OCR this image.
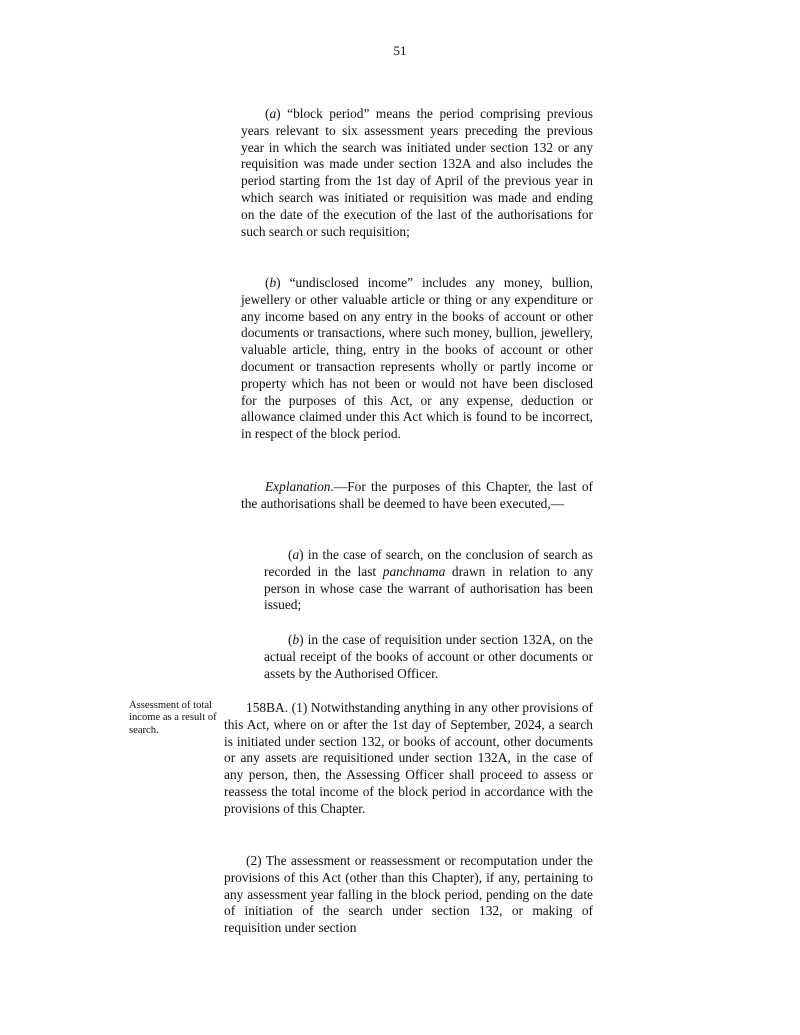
51

(a) “block period” means the period comprising previous years relevant to six assessment years preceding the previous year in which the search was initiated under section 132 or any requisition was made under section 132A and also includes the period starting from the 1st day of April of the previous year in which search was initiated or requisition was made and ending on the date of the execution of the last of the authorisations for such search or such requisition;

(b) “undisclosed income” includes any money, bullion, jewellery or other valuable article or thing or any expenditure or any income based on any entry in the books of account or other documents or transactions, where such money, bullion, jewellery, valuable article, thing, entry in the books of account or other document or transaction represents wholly or partly income or property which has not been or would not have been disclosed for the purposes of this Act, or any expense, deduction or allowance claimed under this Act which is found to be incorrect, in respect of the block period.

Explanation.—For the purposes of this Chapter, the last of the authorisations shall be deemed to have been executed,—

(a) in the case of search, on the conclusion of search as recorded in the last panchnama drawn in relation to any person in whose case the warrant of authorisation has been issued;

(b) in the case of requisition under section 132A, on the actual receipt of the books of account or other documents or assets by the Authorised Officer.

Assessment of total income as a result of search.

158BA. (1) Notwithstanding anything in any other provisions of this Act, where on or after the 1st day of September, 2024, a search is initiated under section 132, or books of account, other documents or any assets are requisitioned under section 132A, in the case of any person, then, the Assessing Officer shall proceed to assess or reassess the total income of the block period in accordance with the provisions of this Chapter.

(2) The assessment or reassessment or recomputation under the provisions of this Act (other than this Chapter), if any, pertaining to any assessment year falling in the block period, pending on the date of initiation of the search under section 132, or making of requisition under section
